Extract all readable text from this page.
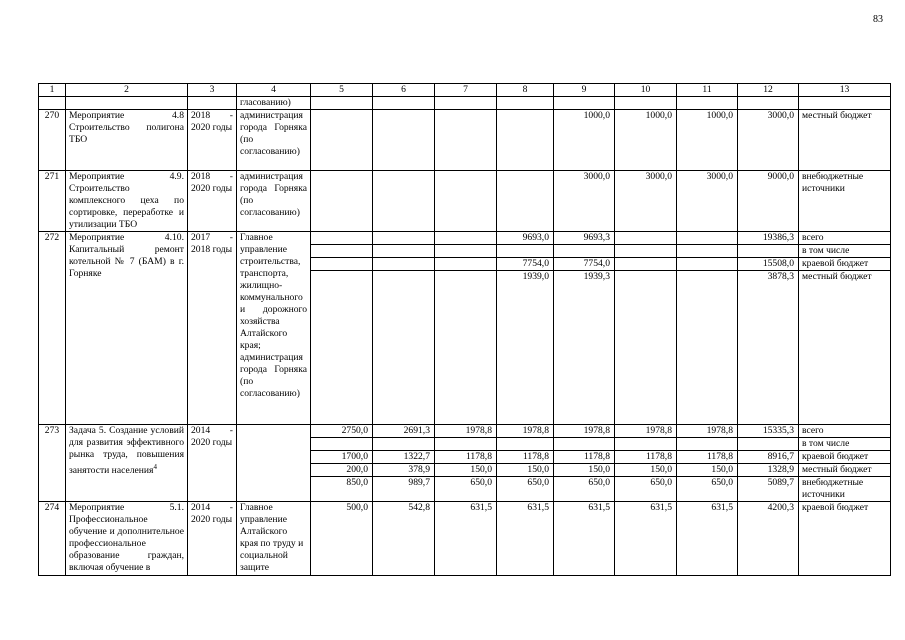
83
1	2	3	4	5	6	7	8	9	10	11	12	13
			гласованию)									
270	Мероприятие 4.8 Строительство полигона ТБО	2018 - 2020 годы	администрация города Горняка (по согласованию)					1000,0	1000,0	1000,0	3000,0	местный бюджет
271	Мероприятие 4.9. Строительство комплексного цеха по сортировке, переработке и утилизации ТБО	2018 - 2020 годы	администрация города Горняка (по согласованию)					3000,0	3000,0	3000,0	9000,0	внебюджетные источники
272	Мероприятие 4.10. Капитальный ремонт котельной № 7 (БАМ) в г. Горняке	2017 - 2018 годы	Главное управление строительства, транспорта, жилищно-коммунального и дорожного хозяйства Алтайского края; администрация города Горняка (по согласованию)				9693,0	9693,3			19386,3	всего
												в том числе
							7754,0	7754,0			15508,0	краевой бюджет
							1939,0	1939,3			3878,3	местный бюджет
273	Задача 5. Создание условий для развития эффективного рынка труда, повышения занятости населения$^4$	2014 - 2020 годы		2750,0	2691,3	1978,8	1978,8	1978,8	1978,8	1978,8	15335,3	всего
												в том числе
				1700,0	1322,7	1178,8	1178,8	1178,8	1178,8	1178,8	8916,7	краевой бюджет
				200,0	378,9	150,0	150,0	150,0	150,0	150,0	1328,9	местный бюджет
				850,0	989,7	650,0	650,0	650,0	650,0	650,0	5089,7	внебюджетные источники
274	Мероприятие 5.1. Профессиональное обучение и дополнительное профессиональное образование граждан, включая обучение в	2014 - 2020 годы	Главное управление Алтайского края по труду и социальной защите	500,0	542,8	631,5	631,5	631,5	631,5	631,5	4200,3	краевой бюджет
